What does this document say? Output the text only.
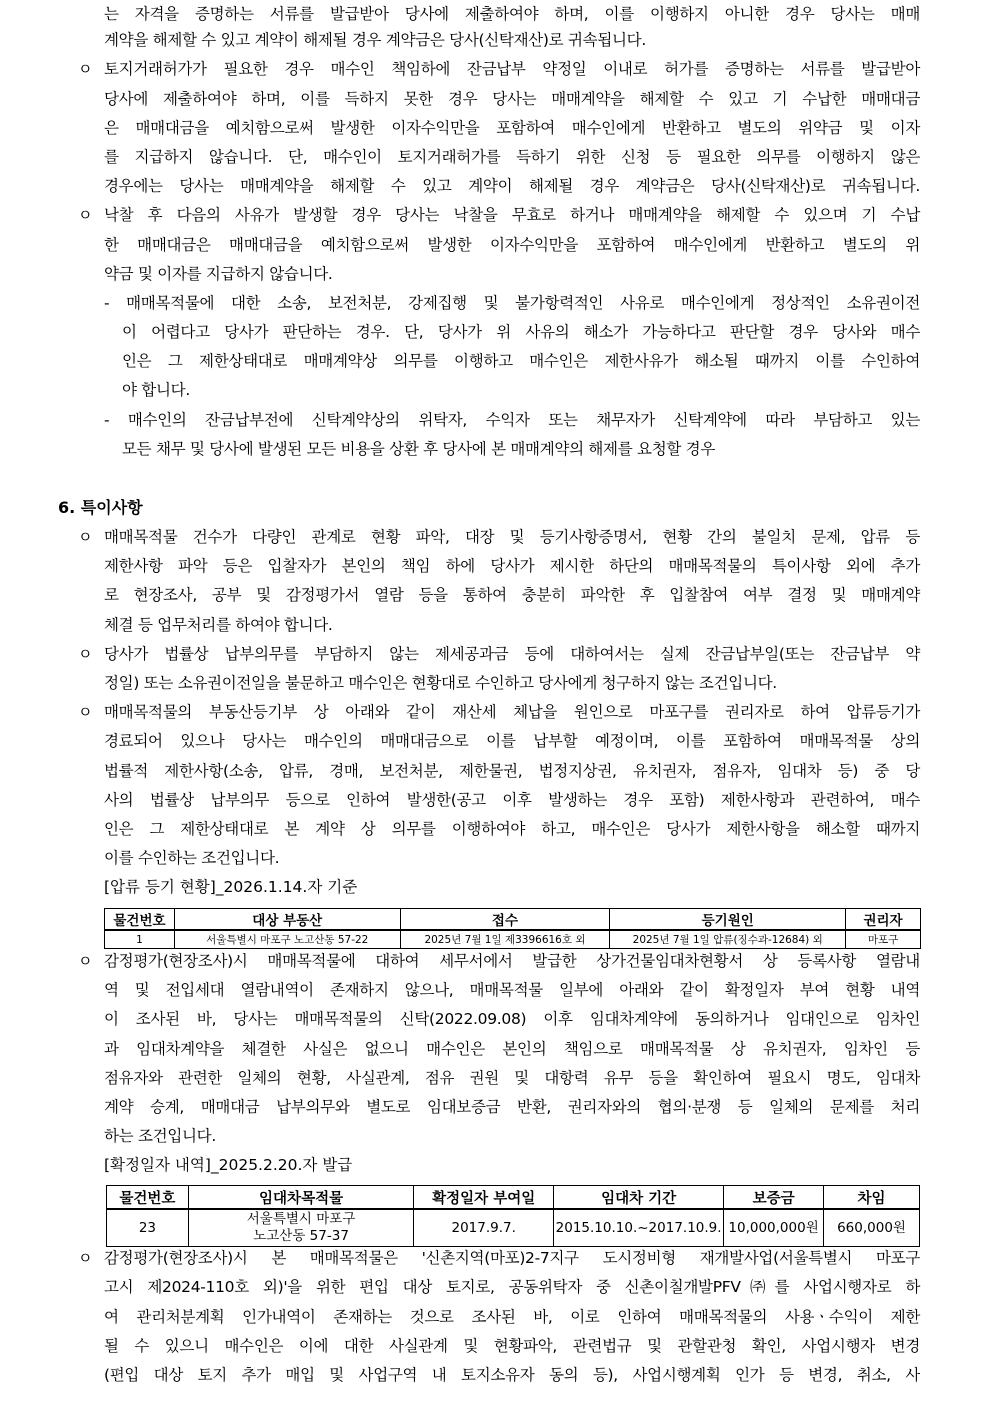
는 자격을 증명하는 서류를 발급받아 당사에 제출하여야 하며, 이를 이행하지 아니한 경우 당사는 매매
계약을 해제할 수 있고 계약이 해제될 경우 계약금은 당사(신탁재산)로 귀속됩니다.
ㅇ 토지거래허가가 필요한 경우 매수인 책임하에 잔금납부 약정일 이내로 허가를 증명하는 서류를 발급받아
당사에 제출하여야 하며, 이를 득하지 못한 경우 당사는 매매계약을 해제할 수 있고 기 수납한 매매대금
은 매매대금을 예치함으로써 발생한 이자수익만을 포함하여 매수인에게 반환하고 별도의 위약금 및 이자
를 지급하지 않습니다. 단, 매수인이 토지거래허가를 득하기 위한 신청 등 필요한 의무를 이행하지 않은
경우에는 당사는 매매계약을 해제할 수 있고 계약이 해제될 경우 계약금은 당사(신탁재산)로 귀속됩니다.
ㅇ 낙찰 후 다음의 사유가 발생할 경우 당사는 낙찰을 무효로 하거나 매매계약을 해제할 수 있으며 기 수납
한 매매대금은 매매대금을 예치함으로써 발생한 이자수익만을 포함하여 매수인에게 반환하고 별도의 위
약금 및 이자를 지급하지 않습니다.
- 매매목적물에 대한 소송, 보전처분, 강제집행 및 불가항력적인 사유로 매수인에게 정상적인 소유권이전
이 어렵다고 당사가 판단하는 경우. 단, 당사가 위 사유의 해소가 가능하다고 판단할 경우 당사와 매수
인은 그 제한상태대로 매매계약상 의무를 이행하고 매수인은 제한사유가 해소될 때까지 이를 수인하여
야 합니다.
- 매수인의 잔금납부전에 신탁계약상의 위탁자, 수익자 또는 채무자가 신탁계약에 따라 부담하고 있는
모든 채무 및 당사에 발생된 모든 비용을 상환 후 당사에 본 매매계약의 해제를 요청할 경우
6. 특이사항
ㅇ 매매목적물 건수가 다량인 관계로 현황 파악, 대장 및 등기사항증명서, 현황 간의 불일치 문제, 압류 등
제한사항 파악 등은 입찰자가 본인의 책임 하에 당사가 제시한 하단의 매매목적물의 특이사항 외에 추가
로 현장조사, 공부 및 감정평가서 열람 등을 통하여 충분히 파악한 후 입찰참여 여부 결정 및 매매계약
체결 등 업무처리를 하여야 합니다.
ㅇ 당사가 법률상 납부의무를 부담하지 않는 제세공과금 등에 대하여서는 실제 잔금납부일(또는 잔금납부 약
정일) 또는 소유권이전일을 불문하고 매수인은 현황대로 수인하고 당사에게 청구하지 않는 조건입니다.
ㅇ 매매목적물의 부동산등기부 상 아래와 같이 재산세 체납을 원인으로 마포구를 권리자로 하여 압류등기가
경료되어 있으나 당사는 매수인의 매매대금으로 이를 납부할 예정이며, 이를 포함하여 매매목적물 상의
법률적 제한사항(소송, 압류, 경매, 보전처분, 제한물권, 법정지상권, 유치권자, 점유자, 임대차 등) 중 당
사의 법률상 납부의무 등으로 인하여 발생한(공고 이후 발생하는 경우 포함) 제한사항과 관련하여, 매수
인은 그 제한상태대로 본 계약 상 의무를 이행하여야 하고, 매수인은 당사가 제한사항을 해소할 때까지
이를 수인하는 조건입니다.
[압류 등기 현황]_2026.1.14.자 기준
물건번호	대상 부동산	접수	등기원인	권리자
1	서울특별시 마포구 노고산동 57-22	2025년 7월 1일 제3396616호 외	2025년 7월 1일 압류(징수과-12684) 외	마포구
ㅇ 감정평가(현장조사)시 매매목적물에 대하여 세무서에서 발급한 상가건물임대차현황서 상 등록사항 열람내
역 및 전입세대 열람내역이 존재하지 않으나, 매매목적물 일부에 아래와 같이 확정일자 부여 현황 내역
이 조사된 바, 당사는 매매목적물의 신탁(2022.09.08) 이후 임대차계약에 동의하거나 임대인으로 임차인
과 임대차계약을 체결한 사실은 없으니 매수인은 본인의 책임으로 매매목적물 상 유치권자, 임차인 등
점유자와 관련한 일체의 현황, 사실관계, 점유 권원 및 대항력 유무 등을 확인하여 필요시 명도, 임대차
계약 승계, 매매대금 납부의무와 별도로 임대보증금 반환, 권리자와의 협의·분쟁 등 일체의 문제를 처리
하는 조건입니다.
[확정일자 내역]_2025.2.20.자 발급
물건번호	임대차목적물	확정일자 부여일	임대차 기간	보증금	차임
23	서울특별시 마포구
노고산동 57-37	2017.9.7.	2015.10.10.~2017.10.9.	10,000,000원	660,000원
ㅇ 감정평가(현장조사)시 본 매매목적물은 '신촌지역(마포)2-7지구 도시정비형 재개발사업(서울특별시 마포구
고시 제2024-110호 외)'을 위한 편입 대상 토지로, 공동위탁자 중 신촌이칠개발PFV㈜를 사업시행자로 하
여 관리처분계획 인가내역이 존재하는 것으로 조사된 바, 이로 인하여 매매목적물의 사용ㆍ수익이 제한
될 수 있으니 매수인은 이에 대한 사실관계 및 현황파악, 관련법규 및 관할관청 확인, 사업시행자 변경
(편입 대상 토지 추가 매입 및 사업구역 내 토지소유자 동의 등), 사업시행계획 인가 등 변경, 취소, 사
